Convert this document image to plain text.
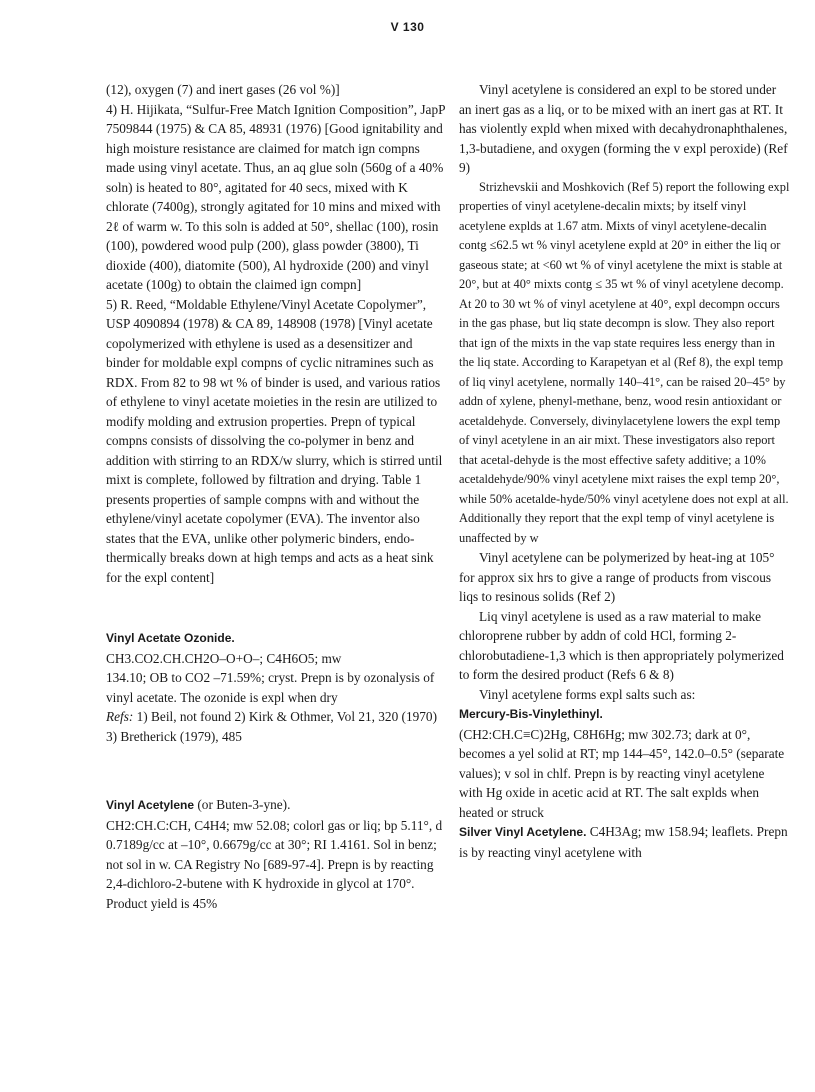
V 130

(12), oxygen (7) and inert gases (26 vol %)]

4) H. Hijikata, “Sulfur-Free Match Ignition Composition”, JapP 7509844 (1975) & CA 85, 48931 (1976) [Good ignitability and high moisture resistance are claimed for match ign compns made using vinyl acetate. Thus, an aq glue soln (560g of a 40% soln) is heated to 80°, agitated for 40 secs, mixed with K chlorate (7400g), strongly agitated for 10 mins and mixed with 2ℓ of warm w. To this soln is added at 50°, shellac (100), rosin (100), powdered wood pulp (200), glass powder (3800), Ti dioxide (400), diatomite (500), Al hydroxide (200) and vinyl acetate (100g) to obtain the claimed ign compn]

5) R. Reed, “Moldable Ethylene/Vinyl Acetate Copolymer”, USP 4090894 (1978) & CA 89, 148908 (1978) [Vinyl acetate copolymerized with ethylene is used as a desensitizer and binder for moldable expl compns of cyclic nitramines such as RDX. From 82 to 98 wt % of binder is used, and various ratios of ethylene to vinyl acetate moieties in the resin are utilized to modify molding and extrusion properties. Prepn of typical compns consists of dissolving the co-polymer in benz and addition with stirring to an RDX/w slurry, which is stirred until mixt is complete, followed by filtration and drying. Table 1 presents properties of sample compns with and without the ethylene/vinyl acetate copolymer (EVA). The inventor also states that the EVA, unlike other polymeric binders, endo-thermically breaks down at high temps and acts as a heat sink for the expl content]

Vinyl Acetate Ozonide.

CH3.CO2.CH.CH2O–O+O–; C4H6O5; mw

134.10; OB to CO2 –71.59%; cryst. Prepn is by ozonalysis of vinyl acetate. The ozonide is expl when dry

Refs: 1) Beil, not found 2) Kirk & Othmer, Vol 21, 320 (1970) 3) Bretherick (1979), 485

Vinyl Acetylene (or Buten-3-yne).

CH2:CH.C:CH, C4H4; mw 52.08; colorl gas or liq; bp 5.11°, d 0.7189g/cc at –10°, 0.6679g/cc at 30°; RI 1.4161. Sol in benz; not sol in w. CA Registry No [689-97-4]. Prepn is by reacting 2,4-dichloro-2-butene with K hydroxide in glycol at 170°. Product yield is 45%

Vinyl acetylene is considered an expl to be stored under an inert gas as a liq, or to be mixed with an inert gas at RT. It has violently expld when mixed with decahydronaphthalenes, 1,3-butadiene, and oxygen (forming the v expl peroxide) (Ref 9)

Strizhevskii and Moshkovich (Ref 5) report the following expl properties of vinyl acetylene-decalin mixts; by itself vinyl acetylene explds at 1.67 atm. Mixts of vinyl acetylene-decalin contg ≤62.5 wt % vinyl acetylene expld at 20° in either the liq or gaseous state; at <60 wt % of vinyl acetylene the mixt is stable at 20°, but at 40° mixts contg ≤ 35 wt % of vinyl acetylene decomp. At 20 to 30 wt % of vinyl acetylene at 40°, expl decompn occurs in the gas phase, but liq state decompn is slow. They also report that ign of the mixts in the vap state requires less energy than in the liq state. According to Karapetyan et al (Ref 8), the expl temp of liq vinyl acetylene, normally 140–41°, can be raised 20–45° by addn of xylene, phenyl-methane, benz, wood resin antioxidant or acetaldehyde. Conversely, divinylacetylene lowers the expl temp of vinyl acetylene in an air mixt. These investigators also report that acetal-dehyde is the most effective safety additive; a 10% acetaldehyde/90% vinyl acetylene mixt raises the expl temp 20°, while 50% acetalde-hyde/50% vinyl acetylene does not expl at all. Additionally they report that the expl temp of vinyl acetylene is unaffected by w

Vinyl acetylene can be polymerized by heat-ing at 105° for approx six hrs to give a range of products from viscous liqs to resinous solids (Ref 2)

Liq vinyl acetylene is used as a raw material to make chloroprene rubber by addn of cold HCl, forming 2-chlorobutadiene-1,3 which is then appropriately polymerized to form the desired product (Refs 6 & 8)

Vinyl acetylene forms expl salts such as:

Mercury-Bis-Vinylethinyl.

(CH2:CH.C≡C)2Hg, C8H6Hg; mw 302.73; dark at 0°, becomes a yel solid at RT; mp 144–45°, 142.0–0.5° (separate values); v sol in chlf. Prepn is by reacting vinyl acetylene with Hg oxide in acetic acid at RT. The salt explds when heated or struck

Silver Vinyl Acetylene. C4H3Ag; mw 158.94; leaflets. Prepn is by reacting vinyl acetylene with
